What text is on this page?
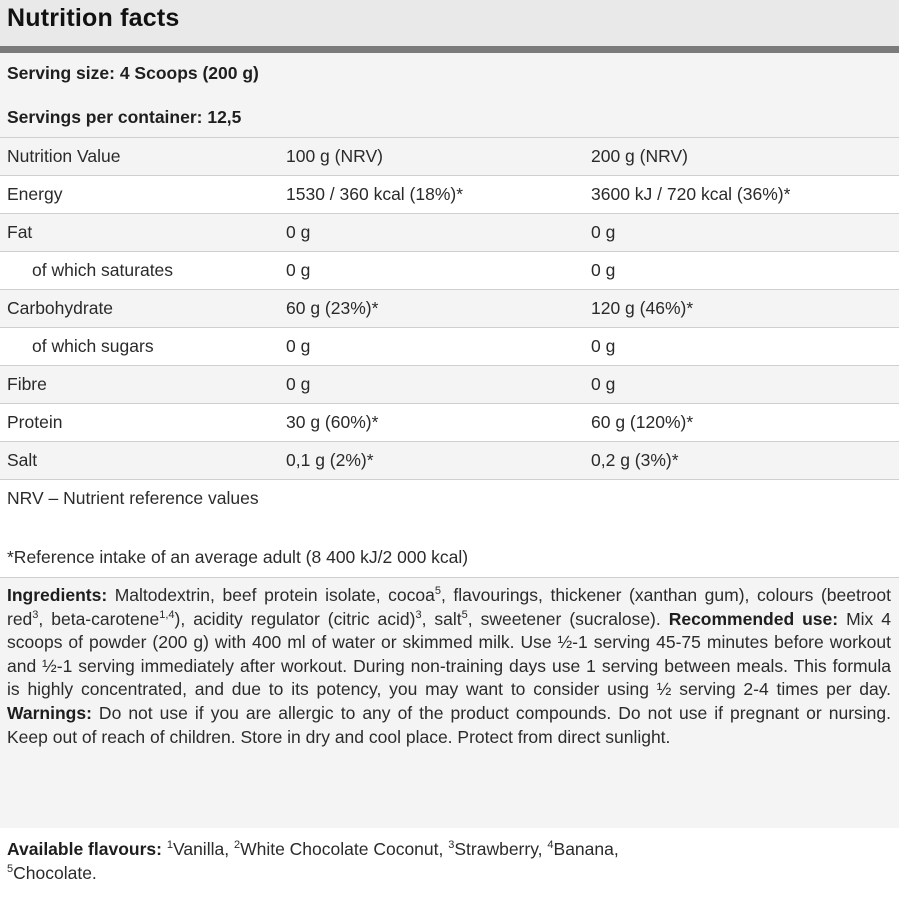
Nutrition facts
Serving size: 4 Scoops (200 g)
Servings per container: 12,5
Nutrition Value	100 g (NRV)	200 g (NRV)
Energy	1530 / 360 kcal (18%)*	3600 kJ / 720 kcal (36%)*
Fat	0 g	0 g
of which saturates	0 g	0 g
Carbohydrate	60 g (23%)*	120 g (46%)*
of which sugars	0 g	0 g
Fibre	0 g	0 g
Protein	30 g (60%)*	60 g (120%)*
Salt	0,1 g (2%)*	0,2 g (3%)*
NRV – Nutrient reference values
*Reference intake of an average adult (8 400 kJ/2 000 kcal)
Ingredients: Maltodextrin, beef protein isolate, cocoa$^5$, flavourings, thickener (xanthan gum), colours (beetroot red$^3$, beta-carotene$^{1,4}$), acidity regulator (citric acid)$^3$, salt$^5$, sweetener (sucralose). Recommended use: Mix 4 scoops of powder (200 g) with 400 ml of water or skimmed milk. Use ½-1 serving 45-75 minutes before workout and ½-1 serving immediately after workout. During non-training days use 1 serving between meals. This formula is highly concentrated, and due to its potency, you may want to consider using ½ serving 2-4 times per day. Warnings: Do not use if you are allergic to any of the product compounds. Do not use if pregnant or nursing. Keep out of reach of children. Store in dry and cool place. Protect from direct sunlight.
Available flavours: $^1$Vanilla, $^2$White Chocolate Coconut, $^3$Strawberry, $^4$Banana,
$^5$Chocolate.
